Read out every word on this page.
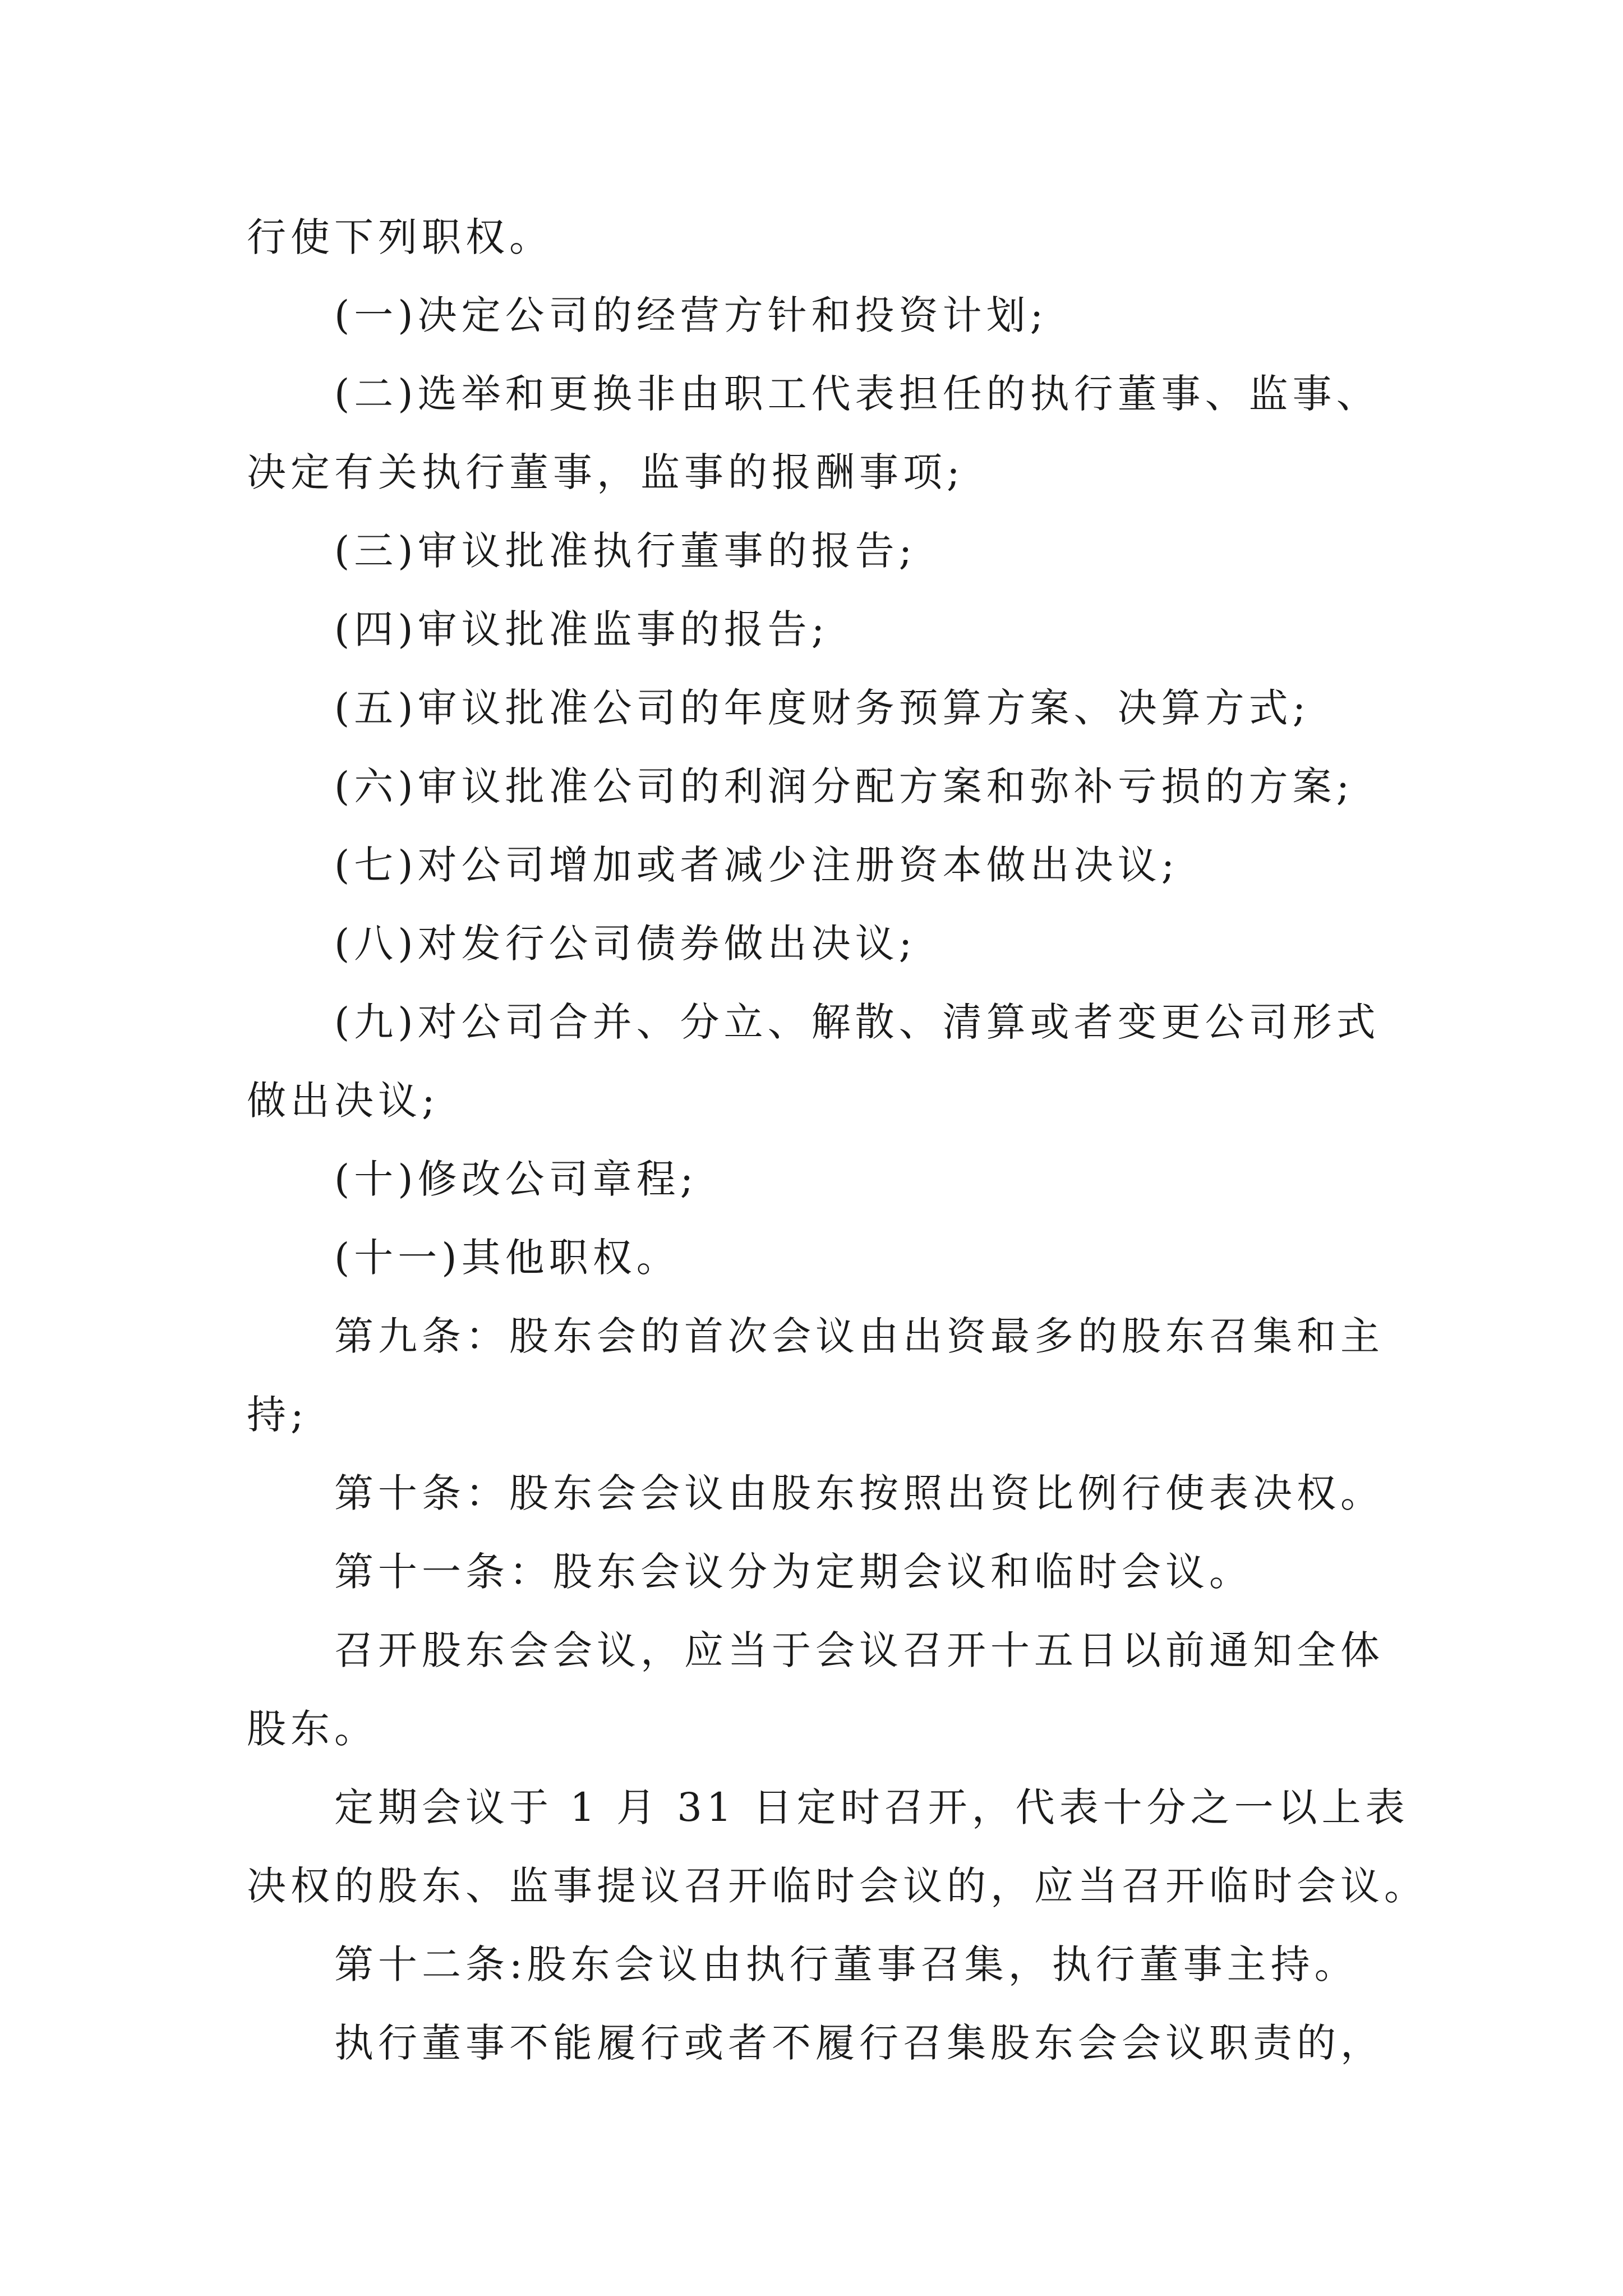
行使下列职权。

(一)决定公司的经营方针和投资计划;

(二)选举和更换非由职工代表担任的执行董事、监事、

决定有关执行董事，监事的报酬事项;

(三)审议批准执行董事的报告;

(四)审议批准监事的报告;

(五)审议批准公司的年度财务预算方案、决算方式;

(六)审议批准公司的利润分配方案和弥补亏损的方案;

(七)对公司增加或者减少注册资本做出决议;

(八)对发行公司债券做出决议;

(九)对公司合并、分立、解散、清算或者变更公司形式

做出决议;

(十)修改公司章程;

(十一)其他职权。

第九条：股东会的首次会议由出资最多的股东召集和主

持;

第十条：股东会会议由股东按照出资比例行使表决权。

第十一条：股东会议分为定期会议和临时会议。

召开股东会会议，应当于会议召开十五日以前通知全体

股东。

定期会议于 1 月 31 日定时召开，代表十分之一以上表

决权的股东、监事提议召开临时会议的，应当召开临时会议。

第十二条:股东会议由执行董事召集，执行董事主持。

执行董事不能履行或者不履行召集股东会会议职责的，
